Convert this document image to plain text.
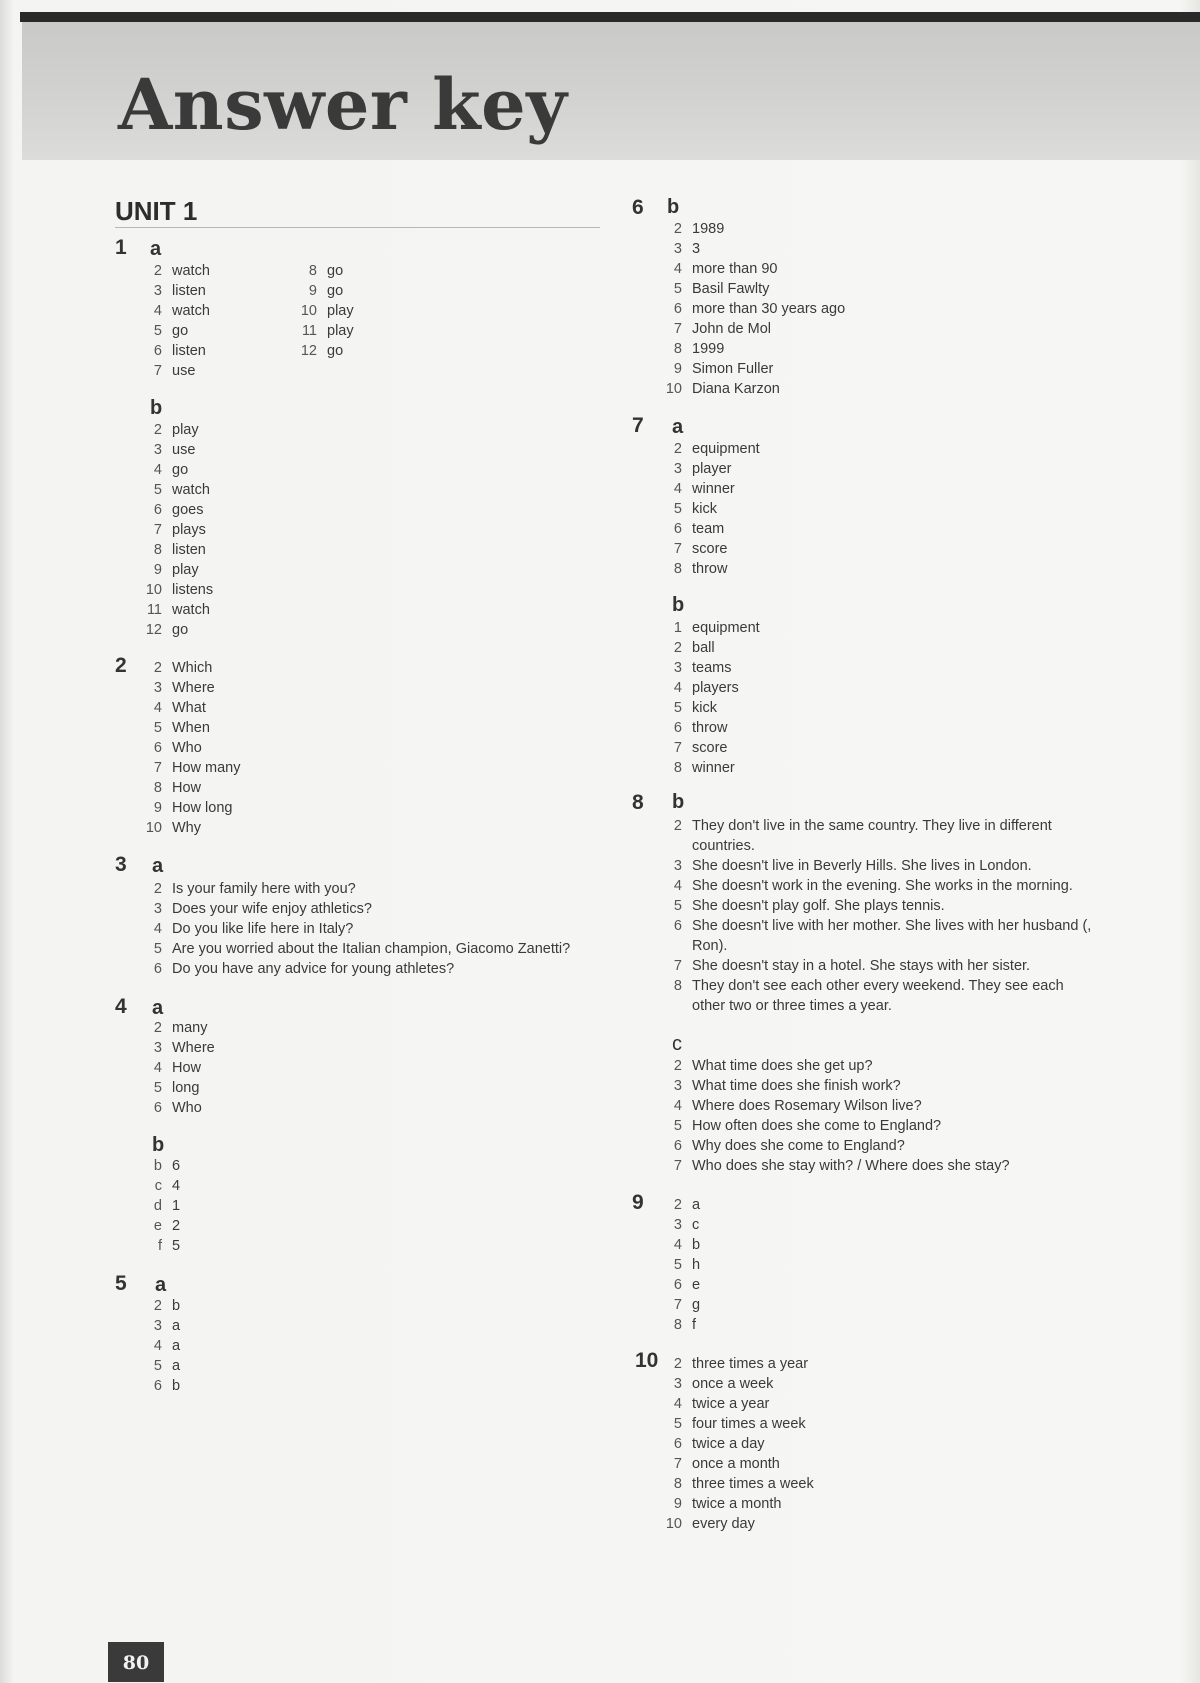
Answer key
UNIT 1
1 a
2 watch
3 listen
4 watch
5 go
6 listen
7 use
8 go
9 go
10 play
11 play
12 go
b
2 play
3 use
4 go
5 watch
6 goes
7 plays
8 listen
9 play
10 listens
11 watch
12 go
2	2 Which
3 Where
4 What
5 When
6 Who
7 How many
8 How
9 How long
10 Why
3 a
2 Is your family here with you?
3 Does your wife enjoy athletics?
4 Do you like life here in Italy?
5 Are you worried about the Italian champion, Giacomo Zanetti?
6 Do you have any advice for young athletes?
4 a
2 many
3 Where
4 How
5 long
6 Who
b
b 6
c 4
d 1
e 2
f 5
5 a
2 b
3 a
4 a
5 a
6 b
6 b
2 1989
3 3
4 more than 90
5 Basil Fawlty
6 more than 30 years ago
7 John de Mol
8 1999
9 Simon Fuller
10 Diana Karzon
7 a
2 equipment
3 player
4 winner
5 kick
6 team
7 score
8 throw
b
1 equipment
2 ball
3 teams
4 players
5 kick
6 throw
7 score
8 winner
8 b
2 They don't live in the same country. They live in different countries.
3 She doesn't live in Beverly Hills. She lives in London.
4 She doesn't work in the evening. She works in the morning.
5 She doesn't play golf. She plays tennis.
6 She doesn't live with her mother. She lives with her husband (, Ron).
7 She doesn't stay in a hotel. She stays with her sister.
8 They don't see each other every weekend. They see each other two or three times a year.
c
2 What time does she get up?
3 What time does she finish work?
4 Where does Rosemary Wilson live?
5 How often does she come to England?
6 Why does she come to England?
7 Who does she stay with? / Where does she stay?
9	2 a
3 c
4 b
5 h
6 e
7 g
8 f
10	2 three times a year
3 once a week
4 twice a year
5 four times a week
6 twice a day
7 once a month
8 three times a week
9 twice a month
10 every day
80
